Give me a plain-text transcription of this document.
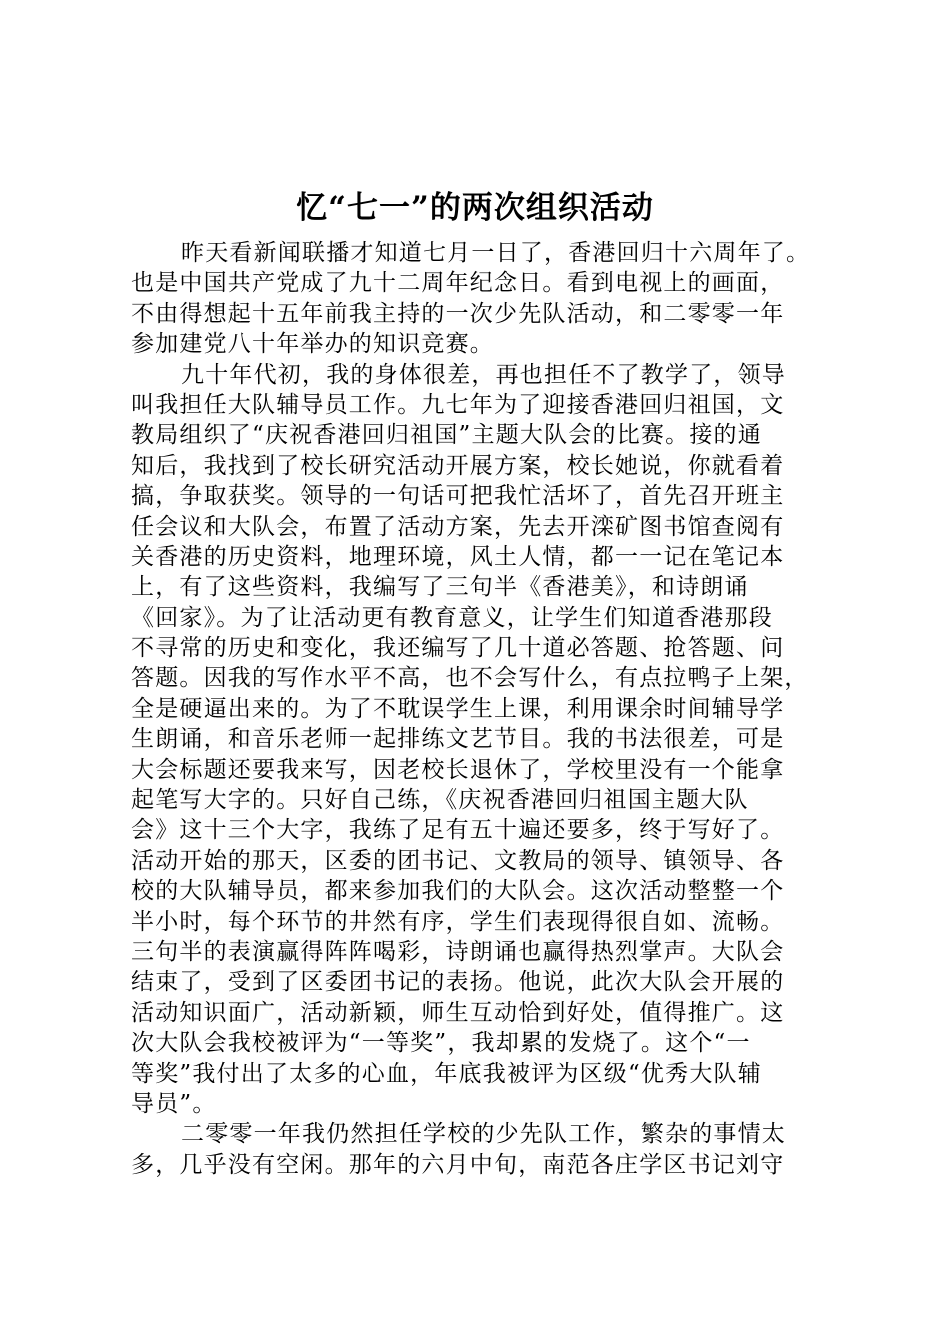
忆“七一”的两次组织活动
昨天看新闻联播才知道七月一日了，香港回归十六周年了。
也是中国共产党成了九十二周年纪念日。看到电视上的画面，
不由得想起十五年前我主持的一次少先队活动，和二零零一年
参加建党八十年举办的知识竞赛。
九十年代初，我的身体很差，再也担任不了教学了，领导
叫我担任大队辅导员工作。九七年为了迎接香港回归祖国，文
教局组织了“庆祝香港回归祖国”主题大队会的比赛。接的通
知后，我找到了校长研究活动开展方案，校长她说，你就看着
搞，争取获奖。领导的一句话可把我忙活坏了，首先召开班主
任会议和大队会，布置了活动方案，先去开滦矿图书馆查阅有
关香港的历史资料，地理环境，风土人情，都一一记在笔记本
上，有了这些资料，我编写了三句半《香港美》，和诗朗诵
《回家》。为了让活动更有教育意义，让学生们知道香港那段
不寻常的历史和变化，我还编写了几十道必答题、抢答题、问
答题。因我的写作水平不高，也不会写什么，有点拉鸭子上架，
全是硬逼出来的。为了不耽误学生上课，利用课余时间辅导学
生朗诵，和音乐老师一起排练文艺节目。我的书法很差，可是
大会标题还要我来写，因老校长退休了，学校里没有一个能拿
起笔写大字的。只好自己练，《庆祝香港回归祖国主题大队
会》这十三个大字，我练了足有五十遍还要多，终于写好了。
活动开始的那天，区委的团书记、文教局的领导、镇领导、各
校的大队辅导员，都来参加我们的大队会。这次活动整整一个
半小时，每个环节的井然有序，学生们表现得很自如、流畅。
三句半的表演赢得阵阵喝彩，诗朗诵也赢得热烈掌声。大队会
结束了，受到了区委团书记的表扬。他说，此次大队会开展的
活动知识面广，活动新颖，师生互动恰到好处，值得推广。这
次大队会我校被评为“一等奖”，我却累的发烧了。这个“一
等奖”我付出了太多的心血，年底我被评为区级“优秀大队辅
导员”。
二零零一年我仍然担任学校的少先队工作，繁杂的事情太
多，几乎没有空闲。那年的六月中旬，南范各庄学区书记刘守
